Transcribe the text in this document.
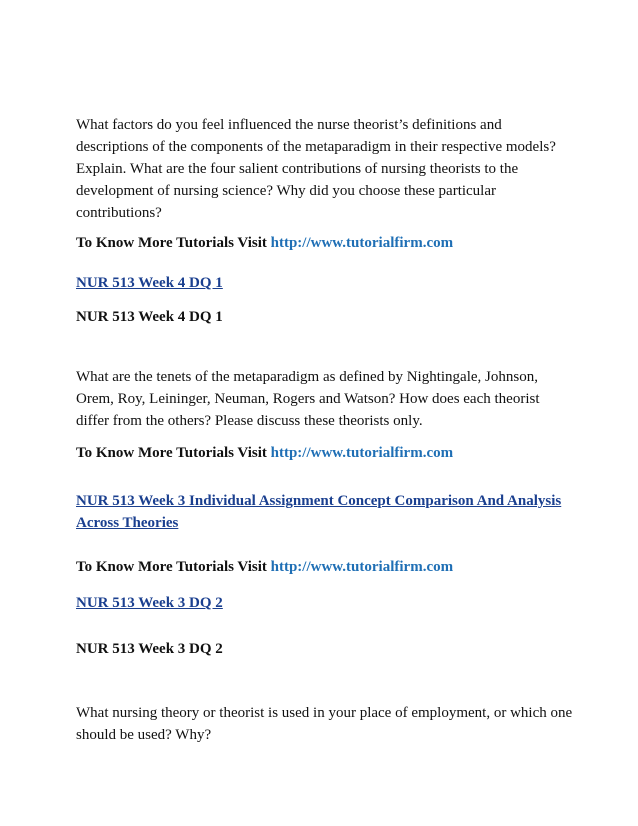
What factors do you feel influenced the nurse theorist’s definitions and descriptions of the components of the metaparadigm in their respective models? Explain. What are the four salient contributions of nursing theorists to the development of nursing science? Why did you choose these particular contributions?

To Know More Tutorials Visit http://www.tutorialfirm.com
NUR 513 Week 4 DQ 1
NUR 513 Week 4 DQ 1

What are the tenets of the metaparadigm as defined by Nightingale, Johnson, Orem, Roy, Leininger, Neuman, Rogers and Watson? How does each theorist differ from the others? Please discuss these theorists only.

To Know More Tutorials Visit http://www.tutorialfirm.com
NUR 513 Week 3 Individual Assignment Concept Comparison And Analysis Across Theories
To Know More Tutorials Visit http://www.tutorialfirm.com
NUR 513 Week 3 DQ 2
NUR 513 Week 3 DQ 2

What nursing theory or theorist is used in your place of employment, or which one should be used? Why?
